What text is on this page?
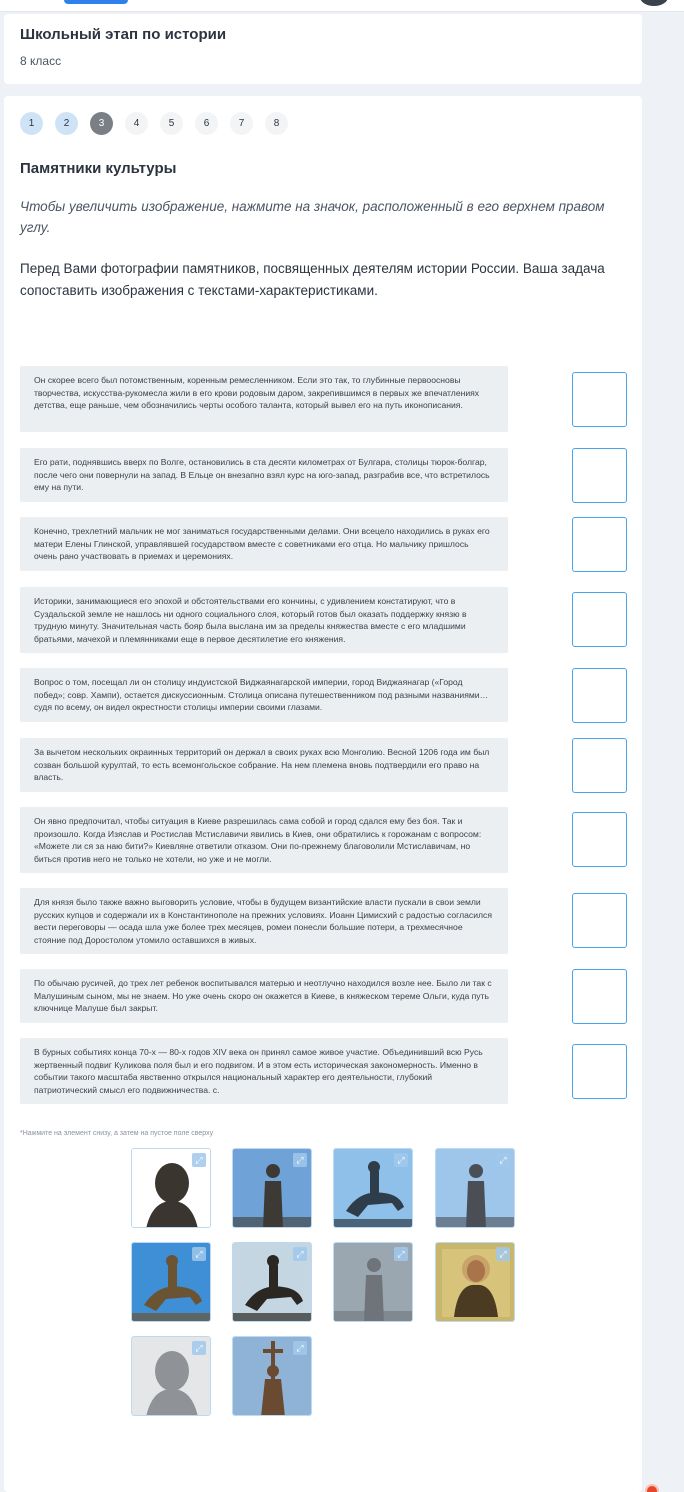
Школьный этап по истории
8 класс
1	2	3	4	5	6	7	8
Памятники культуры
Чтобы увеличить изображение, нажмите на значок, расположенный в его верхнем правом углу.
Перед Вами фотографии памятников, посвященных деятелям истории России. Ваша задача сопоставить изображения с текстами-характеристиками.
*Нажмите на элемент снизу, а затем на пустое поле сверху
Он скорее всего был потомственным, коренным ремесленником. Если это так, то глубинные первоосновы творчества, искусства-рукомесла жили в его крови родовым даром, закрепившимся в первых же впечатлениях детства, еще раньше, чем обозначились черты особого таланта, который вывел его на путь иконописания.
Его рати, поднявшись вверх по Волге, остановились в ста десяти километрах от Булгара, столицы тюрок-болгар, после чего они повернули на запад. В Ельце он внезапно взял курс на юго-запад, разграбив все, что встретилось ему на пути.
Конечно, трехлетний мальчик не мог заниматься государственными делами. Они всецело находились в руках его матери Елены Глинской, управлявшей государством вместе с советниками его отца. Но мальчику пришлось очень рано участвовать в приемах и церемониях.
Историки, занимающиеся его эпохой и обстоятельствами его кончины, с удивлением констатируют, что в Суздальской земле не нашлось ни одного социального слоя, который готов был оказать поддержку князю в трудную минуту. Значительная часть бояр была выслана им за пределы княжества вместе с его младшими братьями, мачехой и племянниками еще в первое десятилетие его княжения.
Вопрос о том, посещал ли он столицу индуистской Виджаянагарской империи, город Виджаянагар («Город побед»; совр. Хампи), остается дискуссионным. Столица описана путешественником под разными названиями… судя по всему, он видел окрестности столицы империи своими глазами.
За вычетом нескольких окраинных территорий он держал в своих руках всю Монголию. Весной 1206 года им был созван большой курултай, то есть всемонгольское собрание. На нем племена вновь подтвердили его право на власть.
Он явно предпочитал, чтобы ситуация в Киеве разрешилась сама собой и город сдался ему без боя. Так и произошло. Когда Изяслав и Ростислав Мстиславичи явились в Киев, они обратились к горожанам с вопросом: «Можете ли ся за наю бити?» Киевляне ответили отказом. Они по-прежнему благоволили Мстиславичам, но биться против него не только не хотели, но уже и не могли.
Для князя было также важно выговорить условие, чтобы в будущем византийские власти пускали в свои земли русских купцов и содержали их в Константинополе на прежних условиях. Иоанн Цимисхий с радостью согласился вести переговоры — осада шла уже более трех месяцев, ромеи понесли большие потери, а трехмесячное стояние под Доростолом утомило оставшихся в живых.
По обычаю русичей, до трех лет ребенок воспитывался матерью и неотлучно находился возле нее. Было ли так с Малушиным сыном, мы не знаем. Но уже очень скоро он окажется в Киеве, в княжеском тереме Ольги, куда путь ключнице Малуше был закрыт.
В бурных событиях конца 70-х — 80-х годов XIV века он принял самое живое участие. Объединивший всю Русь жертвенный подвиг Куликова поля был и его подвигом. И в этом есть историческая закономерность. Именно в событии такого масштаба явственно открылся национальный характер его деятельности, глубокий патриотический смысл его подвижничества. с.
⤢	⤢	⤢	⤢
⤢	⤢	⤢	⤢
⤢	⤢
